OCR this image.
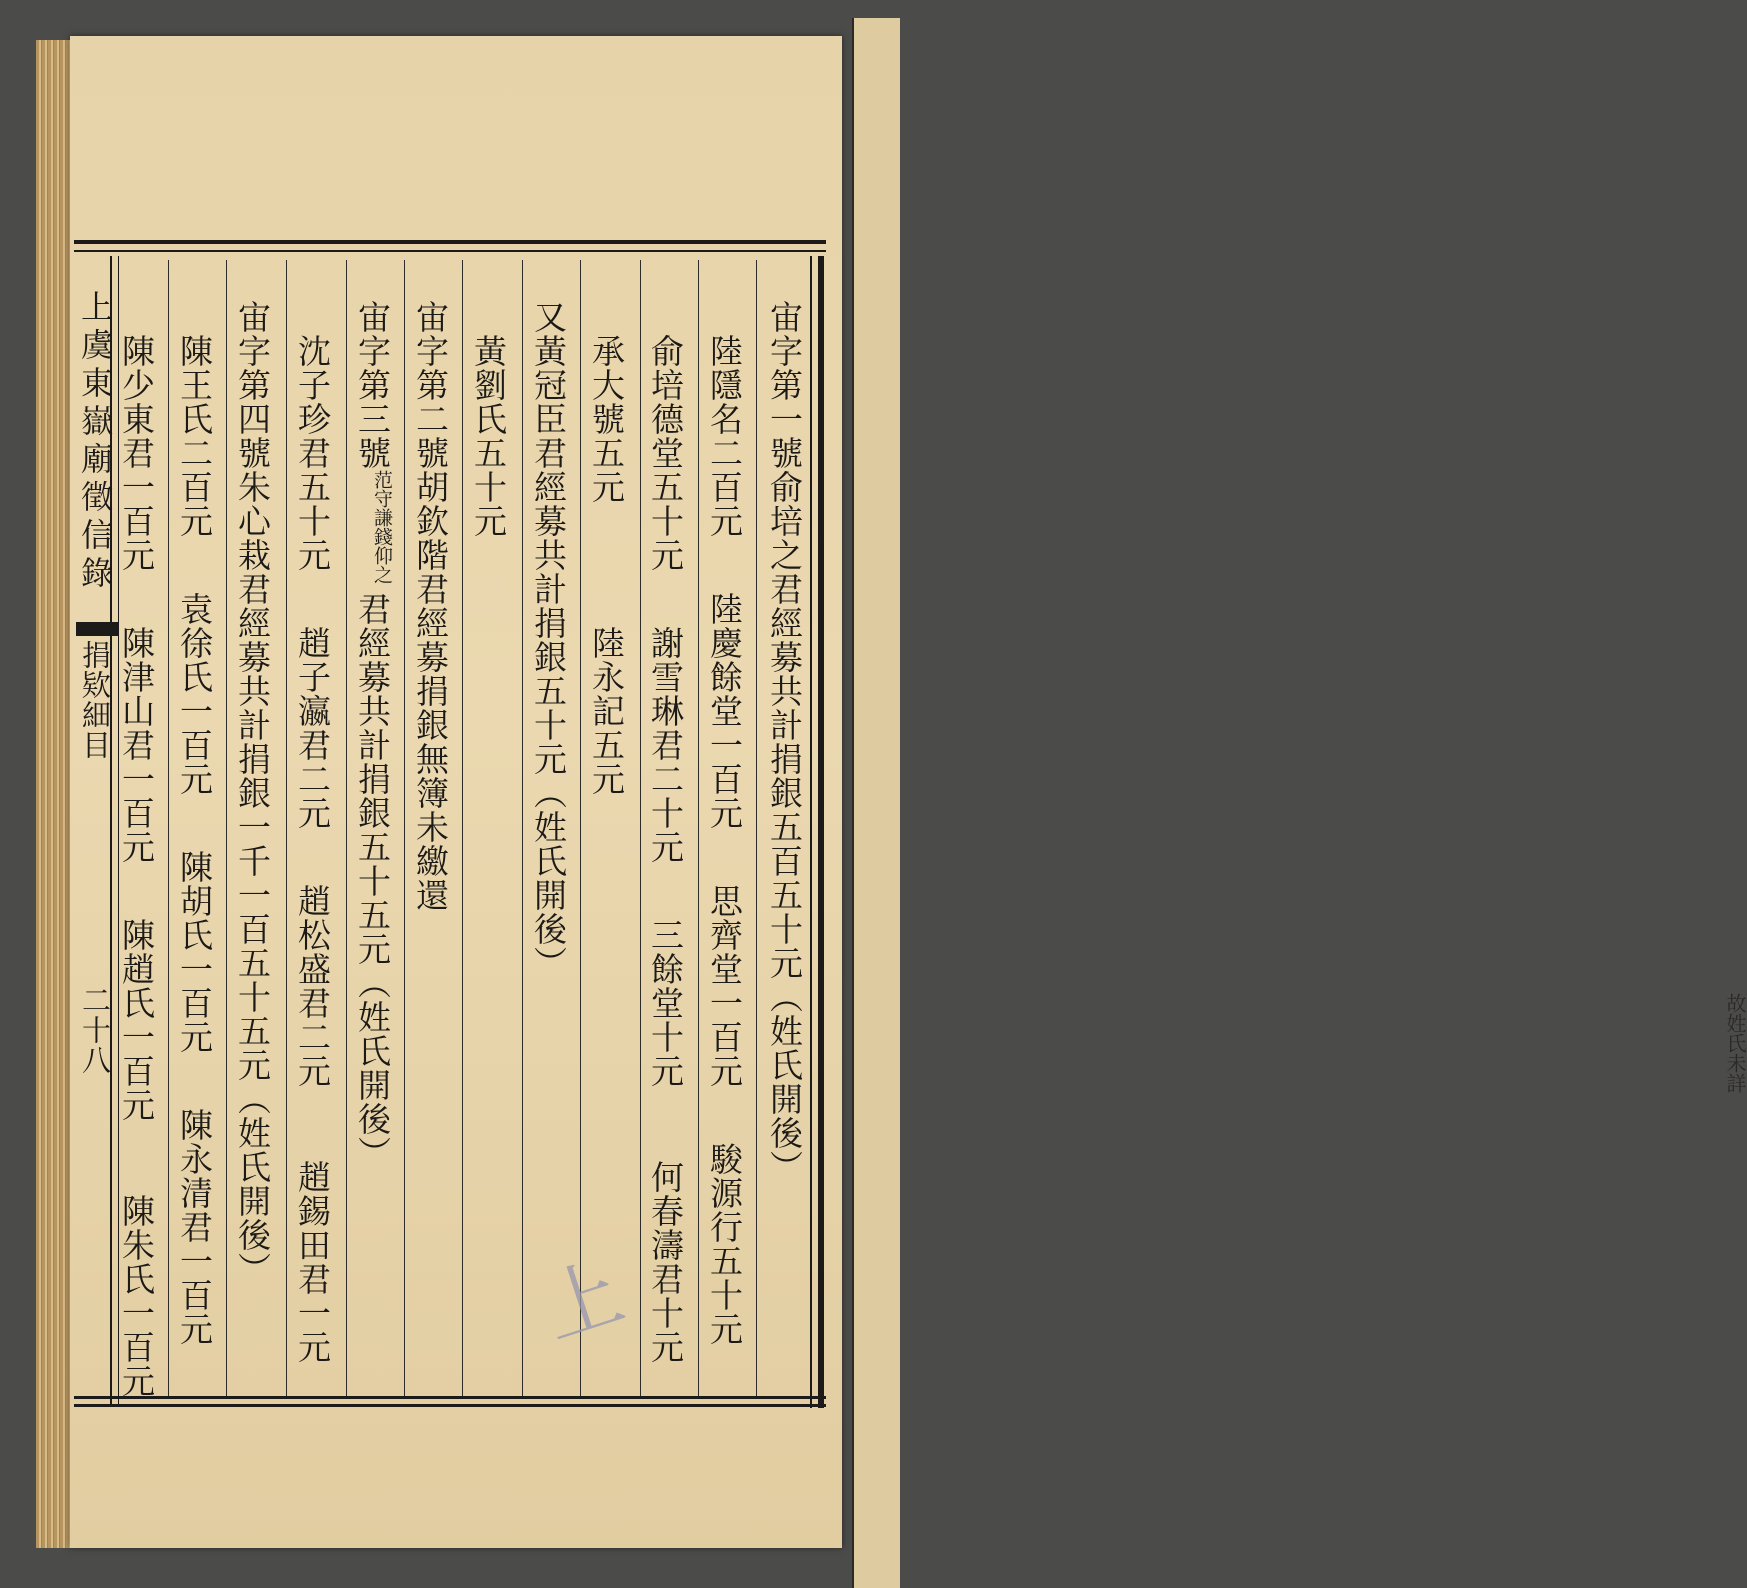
故姓氏未詳
上虞東嶽廟徵信錄
捐欵細目
二十八	宙字第一號俞培之君經募共計捐銀五百五十元（姓氏開後）
陸隱名二百元陸慶餘堂一百元思齊堂一百元駿源行五十元
俞培德堂五十元謝雪琳君二十元三餘堂十元何春濤君十元
承大號五元陸永記五元
又黃冠臣君經募共計捐銀五十元（姓氏開後）
黃劉氏五十元
宙字第二號胡欽階君經募捐銀無簿未繳還
宙字第三號范守謙錢仰之君經募共計捐銀五十五元（姓氏開後）
沈子珍君五十元趙子瀛君二元趙松盛君二元趙錫田君一元
宙字第四號朱心栽君經募共計捐銀一千一百五十五元（姓氏開後）
陳王氏二百元袁徐氏一百元陳胡氏一百元陳永清君一百元
陳少東君一百元陳津山君一百元陳趙氏一百元陳朱氏一百元	上
